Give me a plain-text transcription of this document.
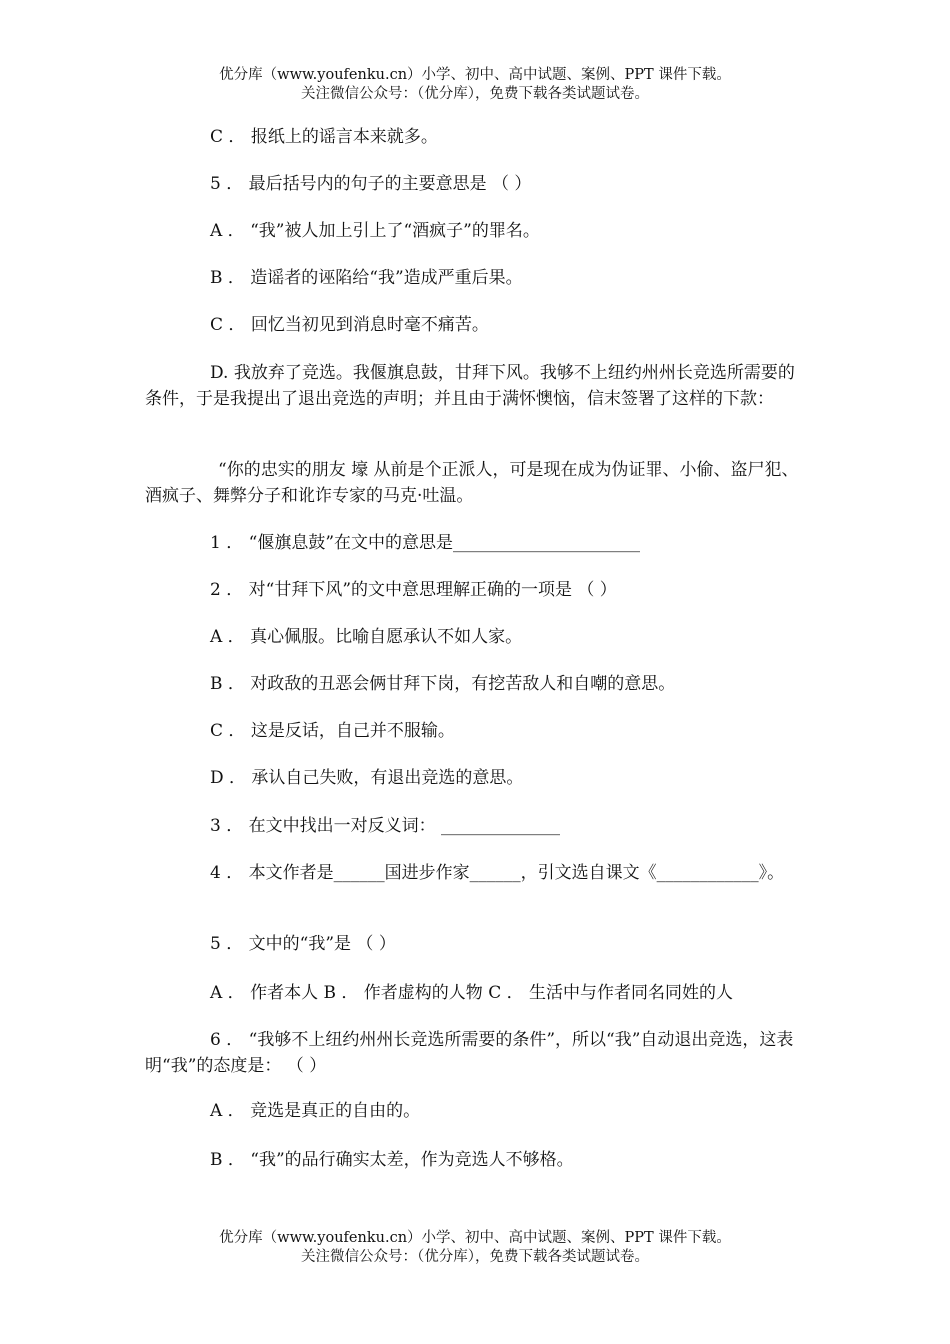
优分库（www.youfenku.cn）小学、初中、高中试题、案例、PPT 课件下载。
关注微信公众号：（优分库），免费下载各类试题试卷。
C ． 报纸上的谣言本来就多。
5 ． 最后括号内的句子的主要意思是 （ ）
A ． “我”被人加上引上了“酒疯子”的罪名。
B ． 造谣者的诬陷给“我”造成严重后果。
C ． 回忆当初见到消息时毫不痛苦。
D. 我放弃了竞选。我偃旗息鼓，甘拜下风。我够不上纽约州州长竞选所需要的条件，于是我提出了退出竞选的声明；并且由于满怀懊恼，信末签署了这样的下款：
“你的忠实的朋友 壕 从前是个正派人，可是现在成为伪证罪、小偷、盗尸犯、酒疯子、舞弊分子和讹诈专家的马克·吐温。
1 ． “偃旗息鼓”在文中的意思是______________________
2 ． 对“甘拜下风”的文中意思理解正确的一项是 （ ）
A ． 真心佩服。比喻自愿承认不如人家。
B ． 对政敌的丑恶会俩甘拜下岗，有挖苦敌人和自嘲的意思。
C ． 这是反话，自己并不服输。
D ． 承认自己失败，有退出竞选的意思。
3 ． 在文中找出一对反义词： ______________
4 ． 本文作者是______国进步作家______，引文选自课文《____________》。
5 ． 文中的“我”是 （ ）
A ． 作者本人 B ． 作者虚构的人物 C ． 生活中与作者同名同姓的人
6 ． “我够不上纽约州州长竞选所需要的条件”，所以“我”自动退出竞选，这表明“我”的态度是： （ ）
A ． 竞选是真正的自由的。
B ． “我”的品行确实太差，作为竞选人不够格。
优分库（www.youfenku.cn）小学、初中、高中试题、案例、PPT 课件下载。
关注微信公众号：（优分库），免费下载各类试题试卷。
